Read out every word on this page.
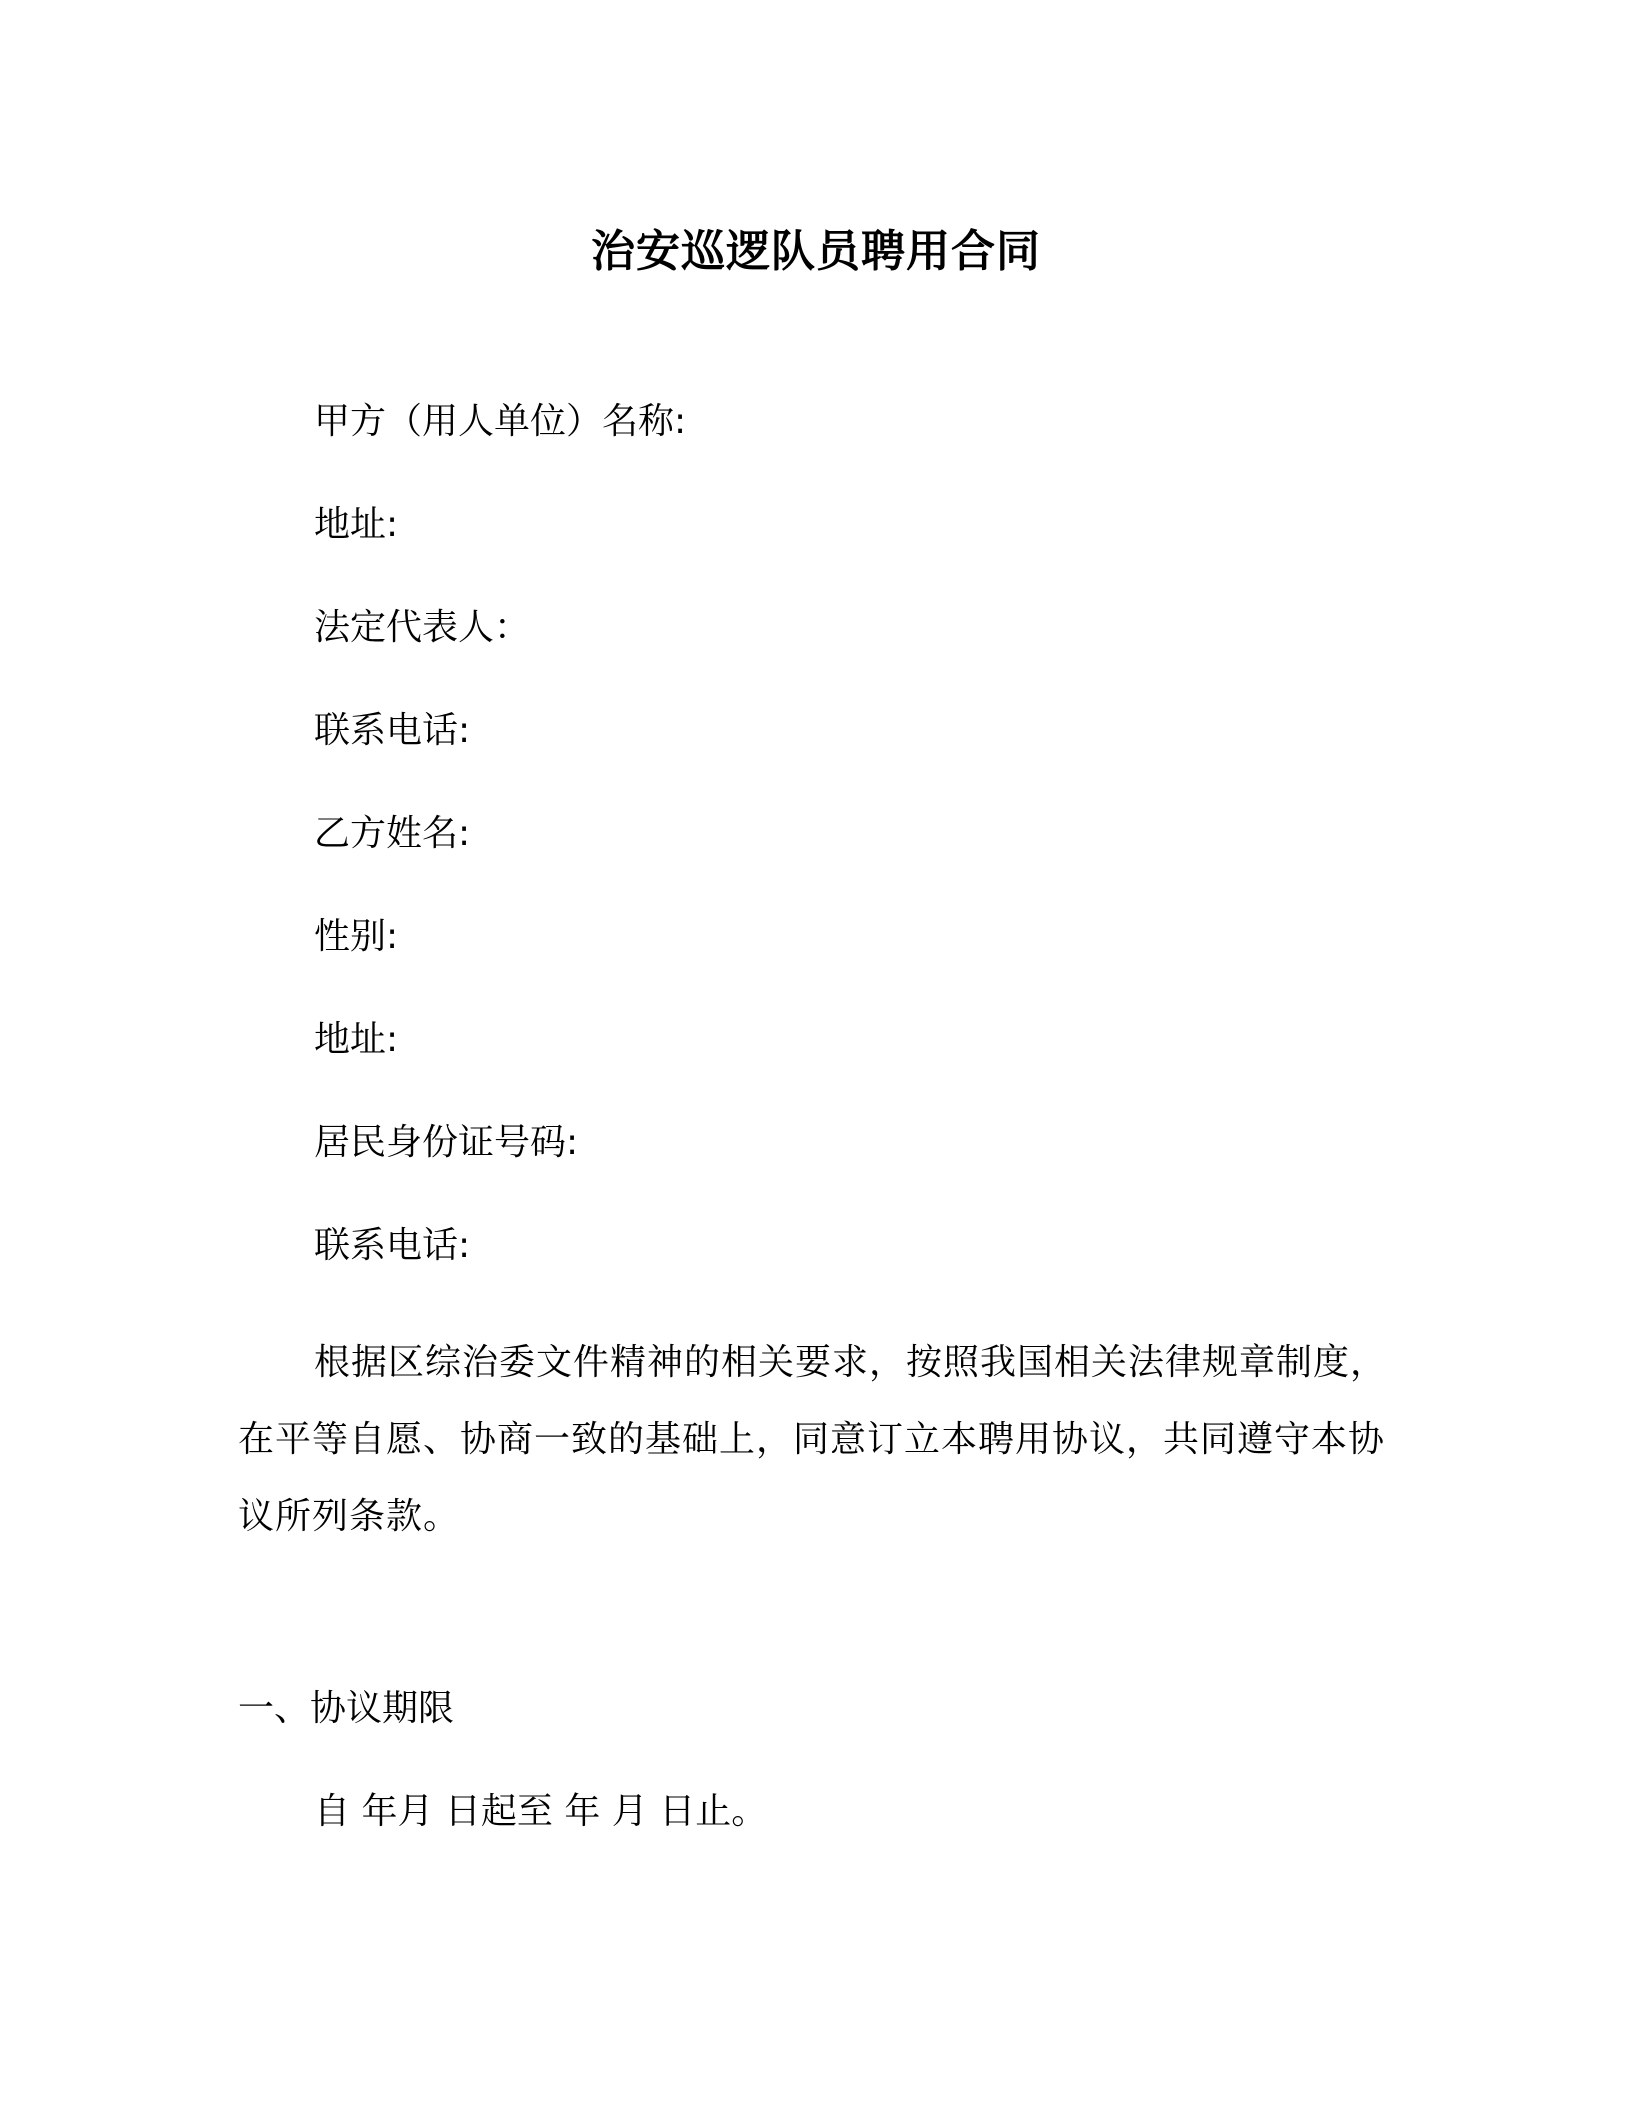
治安巡逻队员聘用合同
甲方（用人单位）名称:
地址:
法定代表人：
联系电话:
乙方姓名:
性别:
地址:
居民身份证号码:
联系电话:
根据区综治委文件精神的相关要求，按照我国相关法律规章制度，在平等自愿、协商一致的基础上，同意订立本聘用协议，共同遵守本协议所列条款。
一、协议期限
自 年月 日起至 年 月 日止。
